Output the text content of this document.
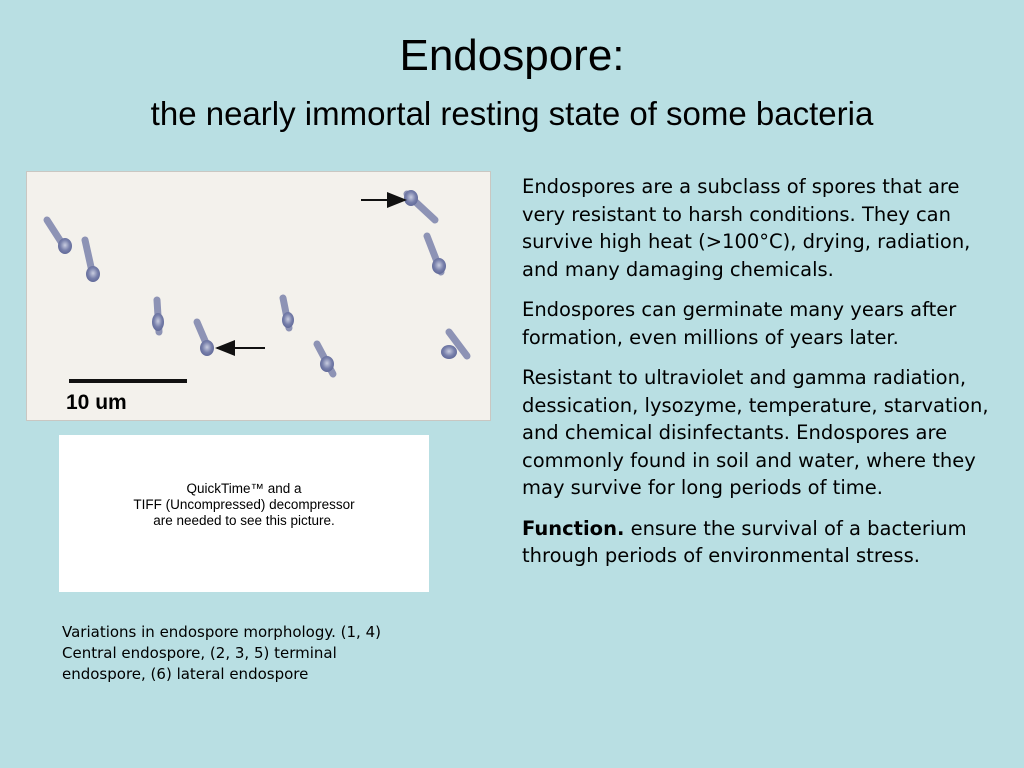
Endospore:
the nearly immortal resting state of some bacteria
10 um
QuickTime™ and a
TIFF (Uncompressed) decompressor
are needed to see this picture.
Variations in endospore morphology. (1, 4) Central endospore, (2, 3, 5) terminal endospore, (6) lateral endospore

Endospores are a subclass of spores that are very resistant to harsh conditions. They can survive high heat (>100°C), drying, radiation, and many damaging chemicals.

Endospores can germinate many years after formation, even millions of years later.

Resistant to ultraviolet and gamma radiation, dessication, lysozyme, temperature, starvation, and chemical disinfectants. Endospores are commonly found in soil and water, where they may survive for long periods of time.

Function. ensure the survival of a bacterium through periods of environmental stress.
